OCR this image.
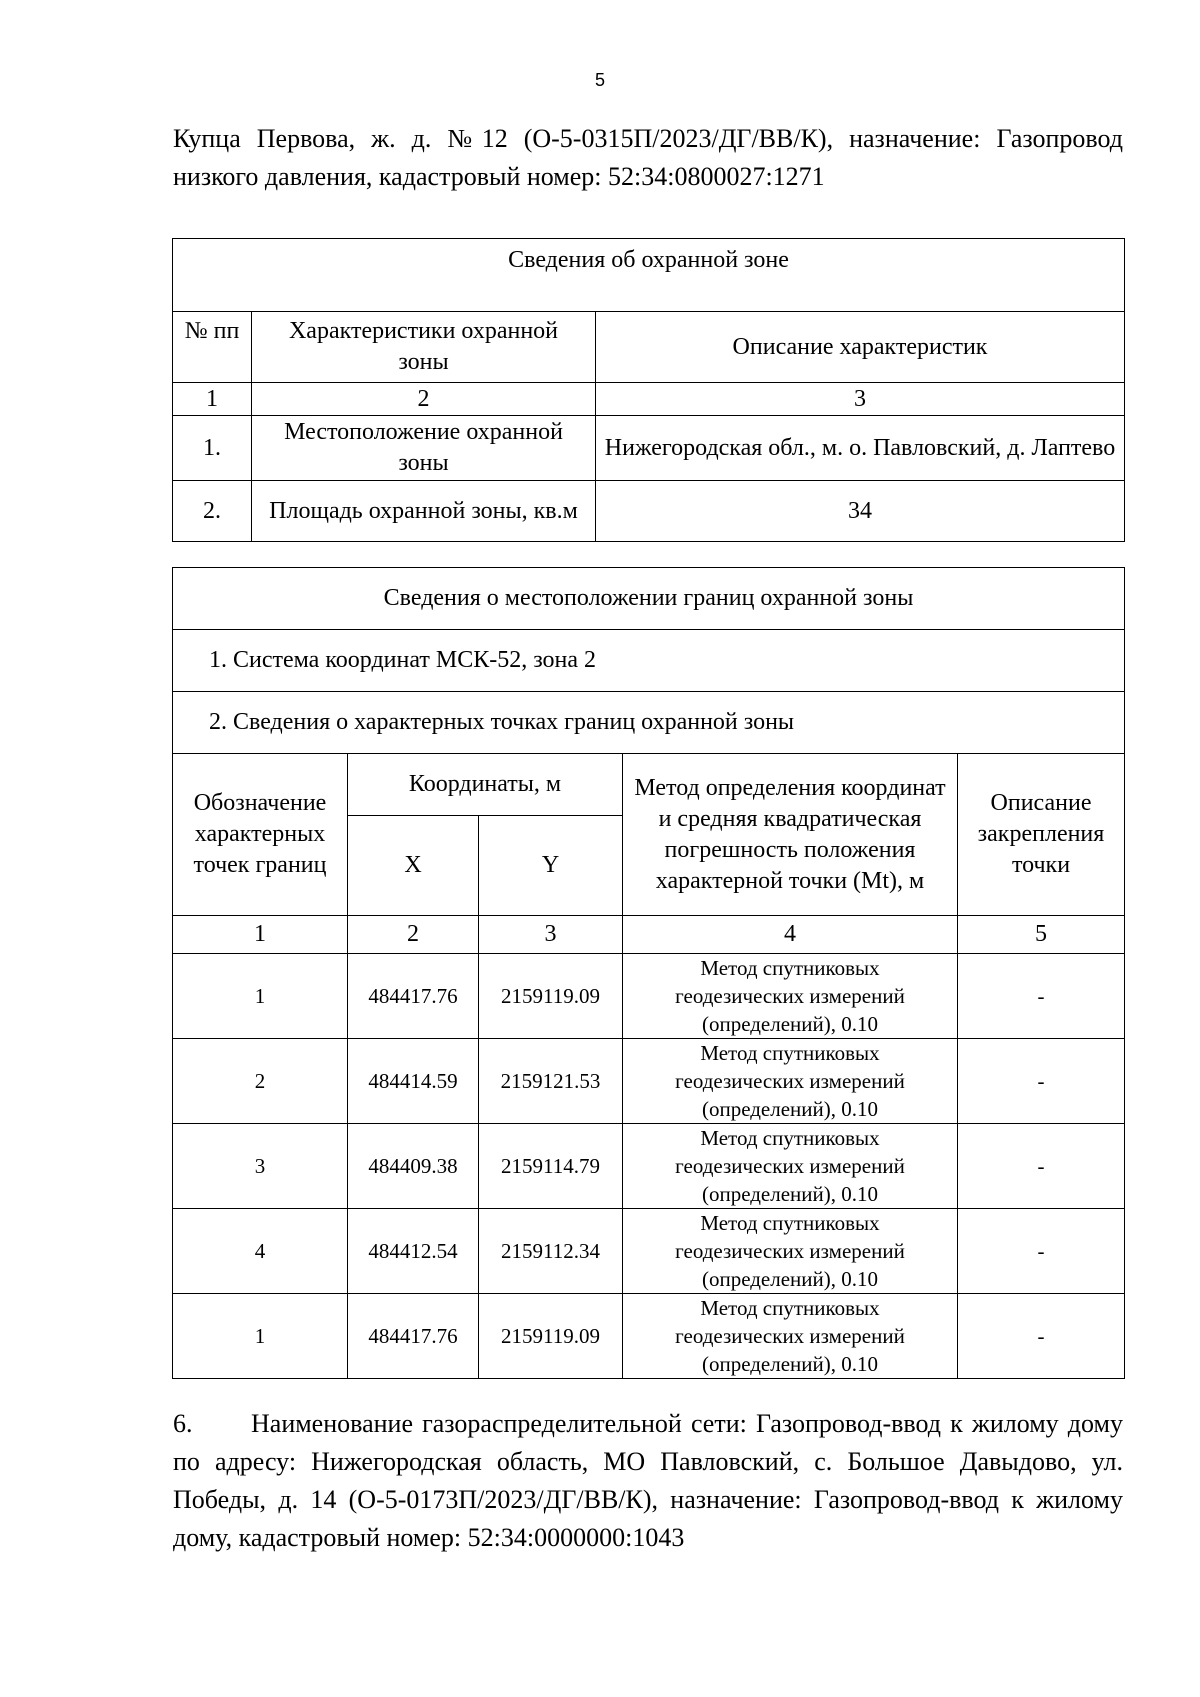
5
Купца Первова, ж. д. №12 (О-5-0315П/2023/ДГ/ВВ/К), назначение: Газопровод низкого давления, кадастровый номер: 52:34:0800027:1271
Сведения об охранной зоне		
№ пп	Характеристики охранной зоны	Описание характеристик
1	2	3
1.	Местоположение охранной зоны	Нижегородская обл., м. о. Павловский, д. Лаптево
2.	Площадь охранной зоны, кв.м	34
Сведения о местоположении границ охранной зоны				
1. Система координат МСК-52, зона 2				
2. Сведения о характерных точках границ охранной зоны				
Обозначение характерных точек границ	Координаты, м		Метод определения координат и средняя квадратическая погрешность положения характерной точки (Mt), м	Описание закрепления точки
	X	Y		
1	2	3	4	5
1	484417.76	2159119.09	Метод спутниковых геодезических измерений (определений), 0.10	-
2	484414.59	2159121.53	Метод спутниковых геодезических измерений (определений), 0.10	-
3	484409.38	2159114.79	Метод спутниковых геодезических измерений (определений), 0.10	-
4	484412.54	2159112.34	Метод спутниковых геодезических измерений (определений), 0.10	-
1	484417.76	2159119.09	Метод спутниковых геодезических измерений (определений), 0.10	-
6. Наименование газораспределительной сети: Газопровод-ввод к жилому дому по адресу: Нижегородская область, МО Павловский, с. Большое Давыдово, ул. Победы, д. 14 (О-5-0173П/2023/ДГ/ВВ/К), назначение: Газопровод-ввод к жилому дому, кадастровый номер: 52:34:0000000:1043
